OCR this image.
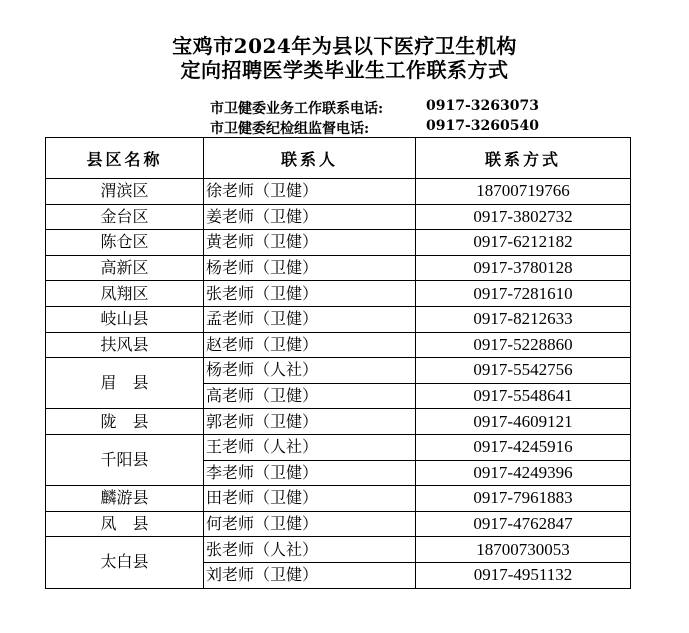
宝鸡市2024年为县以下医疗卫生机构
定向招聘医学类毕业生工作联系方式
市卫健委业务工作联系电话:	0917-3263073
市卫健委纪检组监督电话:	0917-3260540
县区名称	联系人	联系方式
渭滨区	徐老师（卫健）	18700719766
金台区	姜老师（卫健）	0917-3802732
陈仓区	黄老师（卫健）	0917-6212182
高新区	杨老师（卫健）	0917-3780128
凤翔区	张老师（卫健）	0917-7281610
岐山县	孟老师（卫健）	0917-8212633
扶风县	赵老师（卫健）	0917-5228860
眉　县	杨老师（人社）	0917-5542756
	高老师（卫健）	0917-5548641
陇　县	郭老师（卫健）	0917-4609121
千阳县	王老师（人社）	0917-4245916
	李老师（卫健）	0917-4249396
麟游县	田老师（卫健）	0917-7961883
凤　县	何老师（卫健）	0917-4762847
太白县	张老师（人社）	18700730053
	刘老师（卫健）	0917-4951132
